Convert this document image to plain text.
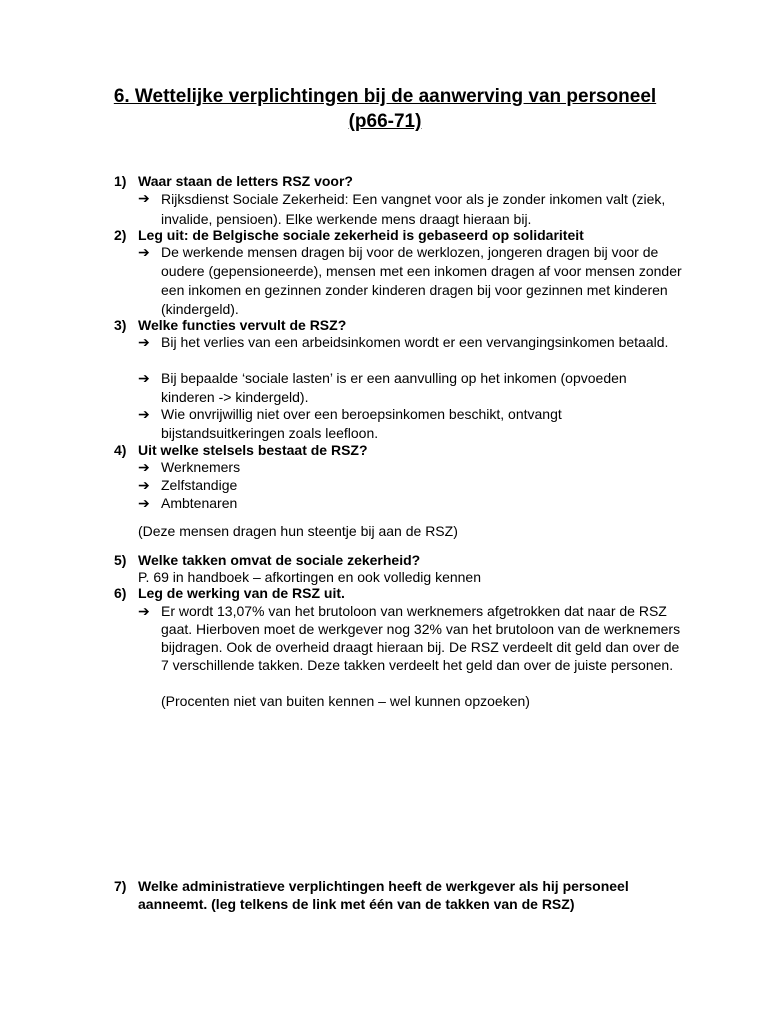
6. Wettelijke verplichtingen bij de aanwerving van personeel (p66-71)
1) Waar staan de letters RSZ voor?
➔ Rijksdienst Sociale Zekerheid: Een vangnet voor als je zonder inkomen valt (ziek, invalide, pensioen). Elke werkende mens draagt hieraan bij.
2) Leg uit: de Belgische sociale zekerheid is gebaseerd op solidariteit
➔ De werkende mensen dragen bij voor de werklozen, jongeren dragen bij voor de oudere (gepensioneerde), mensen met een inkomen dragen af voor mensen zonder een inkomen en gezinnen zonder kinderen dragen bij voor gezinnen met kinderen (kindergeld).
3) Welke functies vervult de RSZ?
➔ Bij het verlies van een arbeidsinkomen wordt er een vervangingsinkomen betaald.
➔ Bij bepaalde ‘sociale lasten’ is er een aanvulling op het inkomen (opvoeden kinderen -> kindergeld).
➔ Wie onvrijwillig niet over een beroepsinkomen beschikt, ontvangt bijstandsuitkeringen zoals leefloon.
4) Uit welke stelsels bestaat de RSZ?
➔ Werknemers
➔ Zelfstandige
➔ Ambtenaren
(Deze mensen dragen hun steentje bij aan de RSZ)
5) Welke takken omvat de sociale zekerheid?
P. 69 in handboek – afkortingen en ook volledig kennen
6) Leg de werking van de RSZ uit.
➔ Er wordt 13,07% van het brutoloon van werknemers afgetrokken dat naar de RSZ gaat. Hierboven moet de werkgever nog 32% van het brutoloon van de werknemers bijdragen. Ook de overheid draagt hieraan bij. De RSZ verdeelt dit geld dan over de 7 verschillende takken. Deze takken verdeelt het geld dan over de juiste personen.
(Procenten niet van buiten kennen – wel kunnen opzoeken)
7) Welke administratieve verplichtingen heeft de werkgever als hij personeel aanneemt. (leg telkens de link met één van de takken van de RSZ)
